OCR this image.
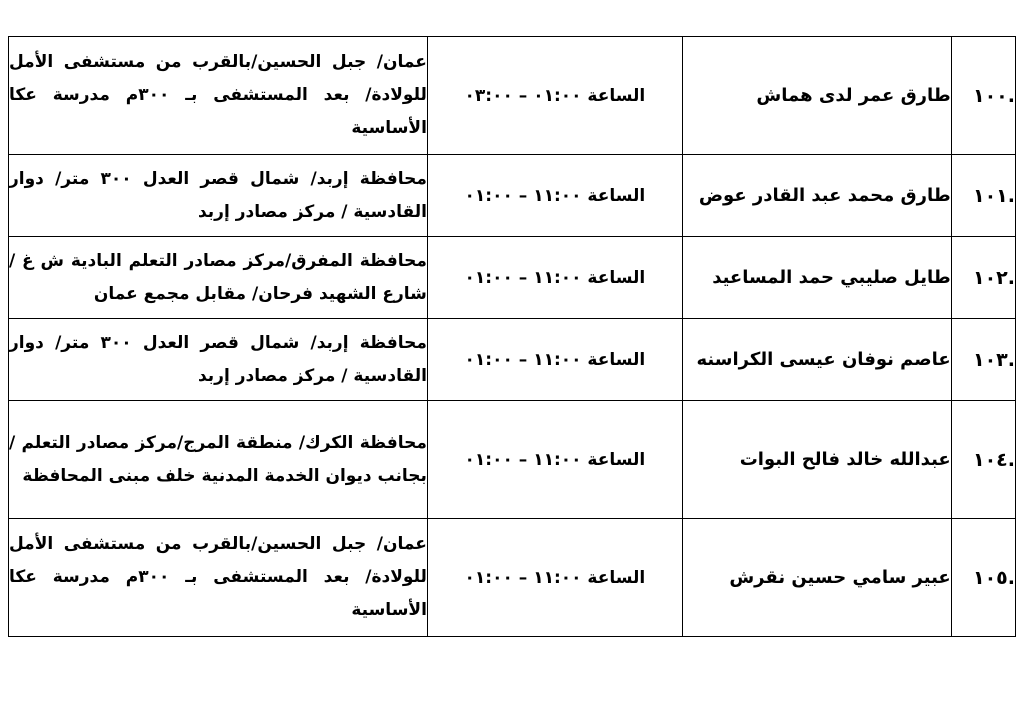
.١٠٠	طارق عمر لدى هماش	الساعة ٠١:٠٠ – ٠٣:٠٠	عمان/ جبل الحسين/بالقرب من مستشفى الأمل للولادة/ بعد المستشفى بـ ٣٠٠م مدرسة عكا الأساسية
.١٠١	طارق محمد عبد القادر عوض	الساعة ١١:٠٠ – ٠١:٠٠	محافظة إربد/ شمال قصر العدل ٣٠٠ متر/ دوار القادسية / مركز مصادر إربد
.١٠٢	طايل صليبي حمد المساعيد	الساعة ١١:٠٠ – ٠١:٠٠	محافظة المفرق/مركز مصادر التعلم البادية ش غ / شارع الشهيد فرحان/ مقابل مجمع عمان
.١٠٣	عاصم نوفان عيسى الكراسنه	الساعة ١١:٠٠ – ٠١:٠٠	محافظة إربد/ شمال قصر العدل ٣٠٠ متر/ دوار القادسية / مركز مصادر إربد
.١٠٤	عبدالله خالد فالح البوات	الساعة ١١:٠٠ – ٠١:٠٠	محافظة الكرك/ منطقة المرج/مركز مصادر التعلم / بجانب ديوان الخدمة المدنية خلف مبنى المحافظة
.١٠٥	عبير سامي حسين نقرش	الساعة ١١:٠٠ – ٠١:٠٠	عمان/ جبل الحسين/بالقرب من مستشفى الأمل للولادة/ بعد المستشفى بـ ٣٠٠م مدرسة عكا الأساسية
